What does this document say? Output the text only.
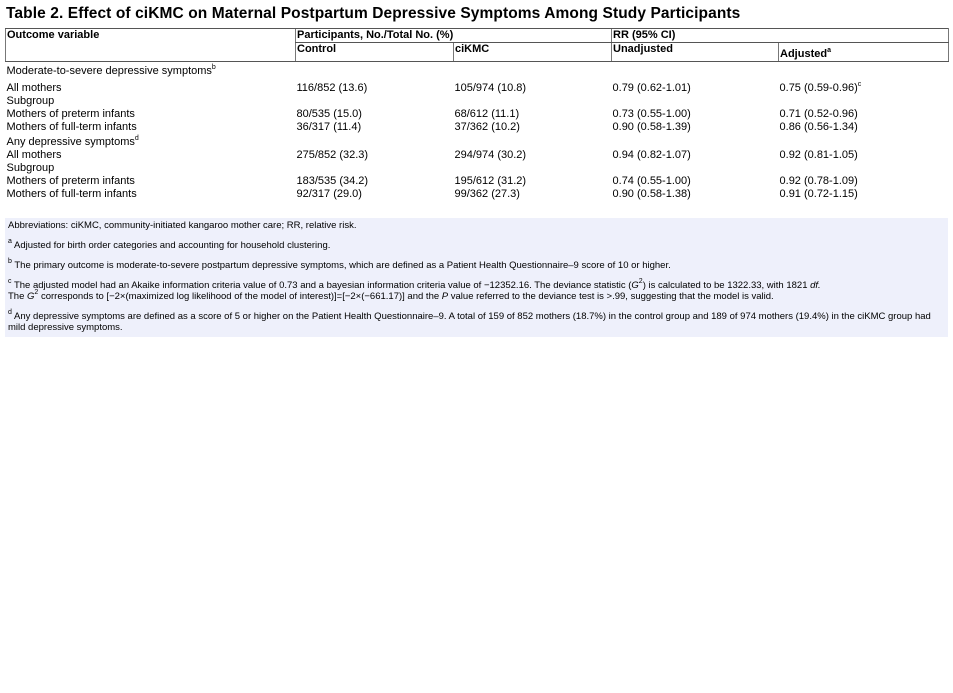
Table 2. Effect of ciKMC on Maternal Postpartum Depressive Symptoms Among Study Participants
Outcome variable	Participants, No./Total No. (%)		RR (95% CI)	
	Control	ciKMC	Unadjusted	Adjusted$^a$
Moderate-to-severe depressive symptoms$^b$
All mothers	116/852 (13.6)	105/974 (10.8)	0.79 (0.62-1.01)	0.75 $(0.59-0.96)^c$
Subgroup				
Mothers of preterm infants	80/535 (15.0)	68/612 (11.1)	0.73 (0.55-1.00)	0.71 (0.52-0.96)
Mothers of full-term infants	36/317 (11.4)	37/362 (10.2)	0.90 (0.58-1.39)	0.86 (0.56-1.34)
Any depressive symptoms$^d$
All mothers	275/852 (32.3)	294/974 (30.2)	0.94 (0.82-1.07)	0.92 (0.81-1.05)
Subgroup				
Mothers of preterm infants	183/535 (34.2)	195/612 (31.2)	0.74 (0.55-1.00)	0.92 (0.78-1.09)
Mothers of full-term infants	92/317 (29.0)	99/362 (27.3)	0.90 (0.58-1.38)	0.91 (0.72-1.15)
Abbreviations: ciKMC, community-initiated kangaroo mother care; RR, relative risk.
$^a$ Adjusted for birth order categories and accounting for household clustering.
$^b$ The primary outcome is moderate-to-severe postpartum depressive symptoms, which are defined as a Patient Health Questionnaire–9 score of 10 or higher.
$^c$ The adjusted model had an Akaike information criteria value of 0.73 and a bayesian information criteria value of −12352.16. The deviance statistic $(G^2)$ is calculated to be 1322.33, with 1821 df.
The $G^2$ corresponds to [−2×(maximized log likelihood of the model of interest)]=[−2×(−661.17)] and the P value referred to the deviance test is >.99, suggesting that the model is valid.
$^d$ Any depressive symptoms are defined as a score of 5 or higher on the Patient Health Questionnaire–9. A total of 159 of 852 mothers (18.7%) in the control group and 189 of 974 mothers (19.4%) in the ciKMC group had mild depressive symptoms.
